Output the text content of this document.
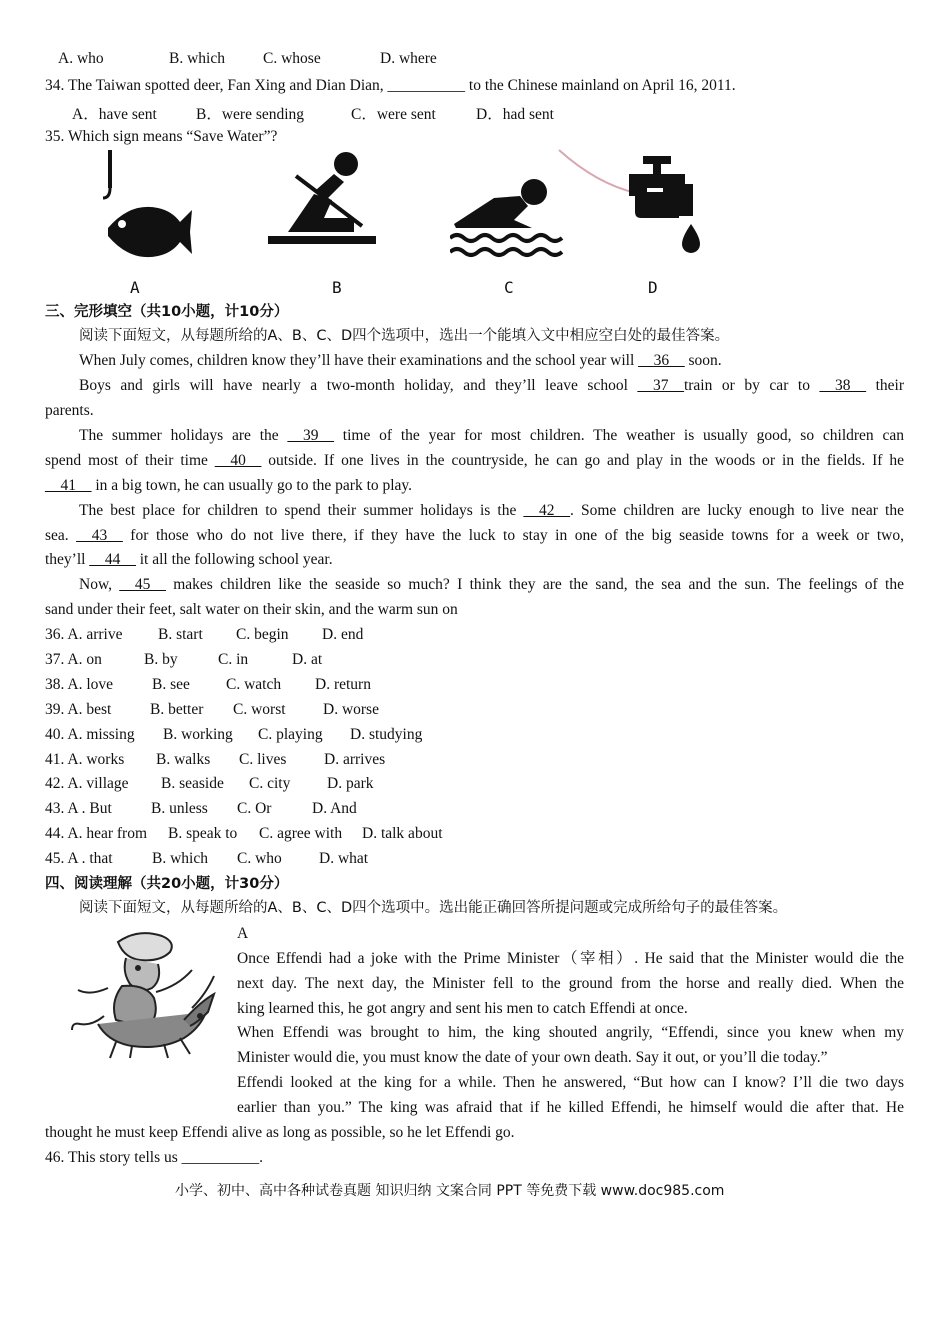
A. who	B. which C. whose	D. where
34. The Taiwan spotted deer, Fan Xing and Dian Dian, __________ to the Chinese mainland on April 16, 2011.
A．have sent	B．were sending	C．were sent	D．had sent
35. Which sign means “Save Water”?
A	B	C	D
三、完形填空（共10小题，计10分）
阅读下面短文，从每题所给的A、B、C、D四个选项中，选出一个能填入文中相应空白处的最佳答案。
When July comes, children know they’ll have their examinations and the school year will __36__ soon.
Boys and girls will have nearly a two-month holiday, and they’ll leave school __37__train or by car to __38__ their
parents.
The summer holidays are the __39__ time of the year for most children. The weather is usually good, so children can
spend most of their time __40__ outside. If one lives in the countryside, he can go and play in the woods or in the fields. If he
__41__ in a big town, he can usually go to the park to play.
The best place for children to spend their summer holidays is the __42__. Some children are lucky enough to live near the
sea. __43__ for those who do not live there, if they have the luck to stay in one of the big seaside towns for a week or two,
they’ll __44__ it all the following school year.
Now, __45__ makes children like the seaside so much? I think they are the sand, the sea and the sun. The feelings of the
sand under their feet, salt water on their skin, and the warm sun on
36. A. arrive B. start C. begin D. end
37. A. on	B. by	C. in	D. at
38. A. love	B. see C. watch D. return
39. A. best B. better C. worst D. worse
40. A. missing B. working C. playing D. studying
41. A. works B. walks C. lives D. arrives
42. A. village B. seaside C. city D. park
43. A . But	B. unless C. Or	D. And
44. A. hear from B. speak to C. agree with D. talk about
45. A . that	B. which C. who D. what
四、阅读理解（共20小题，计30分）
阅读下面短文，从每题所给的A、B、C、D四个选项中。选出能正确回答所提问题或完成所给句子的最佳答案。
A
Once Effendi had a joke with the Prime Minister（宰相）. He said that the Minister would die the
next day. The next day, the Minister fell to the ground from the horse and really died. When the
king learned this, he got angry and sent his men to catch Effendi at once.
When Effendi was brought to him, the king shouted angrily, “Effendi, since you knew when my
Minister would die, you must know the date of your own death. Say it out, or you’ll die today.”
Effendi looked at the king for a while. Then he answered, “But how can I know? I’ll die two days
earlier than you.” The king was afraid that if he killed Effendi, he himself would die after that. He
thought he must keep Effendi alive as long as possible, so he let Effendi go.
46. This story tells us __________.
小学、初中、高中各种试卷真题 知识归纳 文案合同 PPT 等免费下载 www.doc985.com
